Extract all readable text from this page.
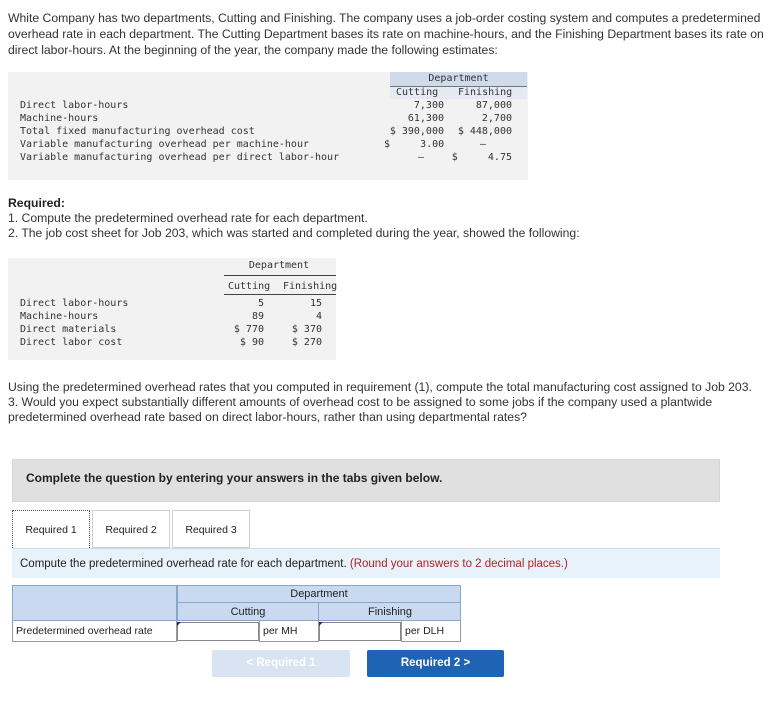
White Company has two departments, Cutting and Finishing. The company uses a job-order costing system and computes a predetermined overhead rate in each department. The Cutting Department bases its rate on machine-hours, and the Finishing Department bases its rate on direct labor-hours. At the beginning of the year, the company made the following estimates:

Department
Cutting Finishing
Direct labor-hours	7,300	87,000
Machine-hours	61,300	2,700
Total fixed manufacturing overhead cost	$ 390,000	$ 448,000
Variable manufacturing overhead per machine-hour	$     3.00	–
Variable manufacturing overhead per direct labor-hour	–	$     4.75
Required:
1. Compute the predetermined overhead rate for each department.
2. The job cost sheet for Job 203, which was started and completed during the year, showed the following:
Department
Cutting Finishing
Direct labor-hours	5	15
Machine-hours	89	4
Direct materials	$ 770	$ 370
Direct labor cost	$ 90	$ 270

Using the predetermined overhead rates that you computed in requirement (1), compute the total manufacturing cost assigned to Job 203.

3. Would you expect substantially different amounts of overhead cost to be assigned to some jobs if the company used a plantwide predetermined overhead rate based on direct labor-hours, rather than using departmental rates?

Complete the question by entering your answers in the tabs given below.
Required 1	Required 2	Required 3
Compute the predetermined overhead rate for each department. (Round your answers to 2 decimal places.)
Department
Cutting	Finishing
Predetermined overhead rate	per MH	per DLH
< Required 1	Required 2 >
